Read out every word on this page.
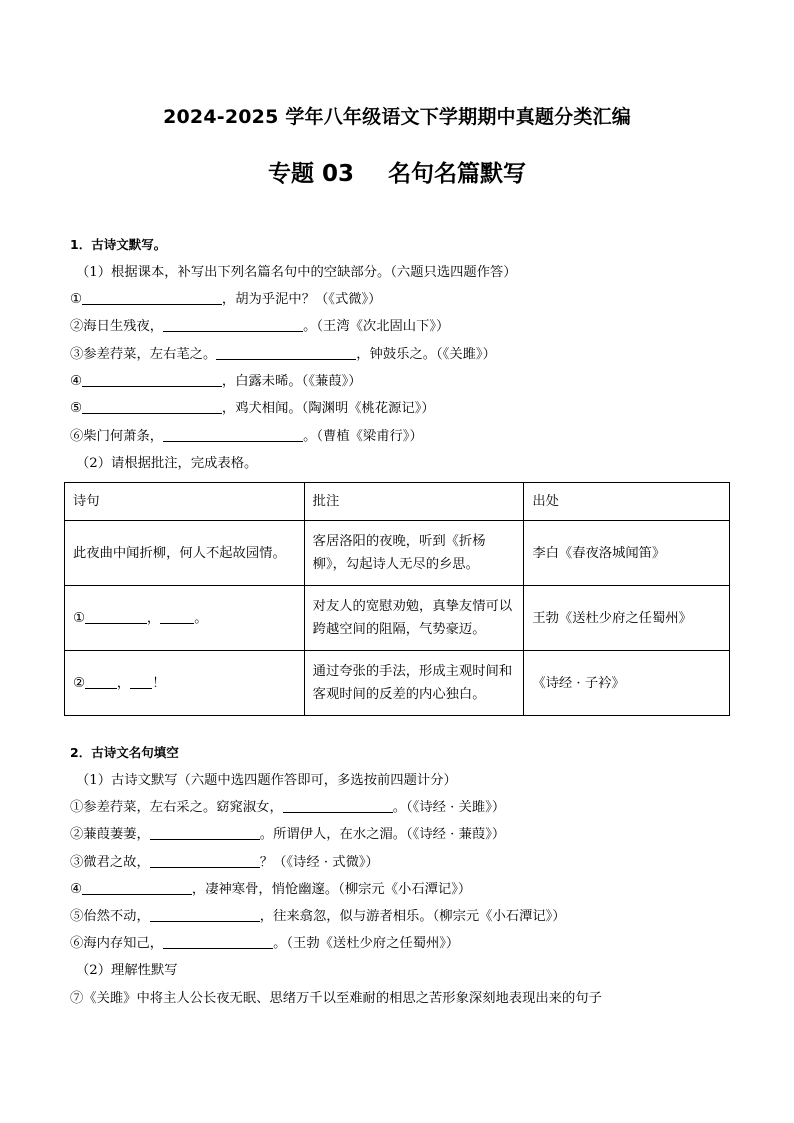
2024-2025 学年八年级语文下学期期中真题分类汇编
专题 03 名句名篇默写
1．古诗文默写。
（1）根据课本，补写出下列名篇名句中的空缺部分。（六题只选四题作答）
①	，胡为乎泥中？（《式微》）
②海日生残夜，	。（王湾《次北固山下》）
③参差荇菜，左右芼之。	，钟鼓乐之。（《关雎》）
④	，白露未晞。（《蒹葭》）
⑤	，鸡犬相闻。（陶渊明《桃花源记》）
⑥柴门何萧条，	。（曹植《梁甫行》）
（2）请根据批注，完成表格。
诗句	批注	出处
此夜曲中闻折柳，何人不起故园情。	客居洛阳的夜晚，听到《折杨柳》，勾起诗人无尽的乡思。	李白《春夜洛城闻笛》
① ， 。	对友人的宽慰劝勉，真挚友情可以跨越空间的阻隔，气势豪迈。	王勃《送杜少府之任蜀州》
② ， ！	通过夸张的手法，形成主观时间和客观时间的反差的内心独白。	《诗经 · 子衿》
2．古诗文名句填空
（1）古诗文默写（六题中选四题作答即可，多选按前四题计分）
①参差荇菜，左右采之。窈窕淑女，	。（《诗经 · 关雎》）
②蒹葭萋萋，	。所谓伊人，在水之湄。（《诗经 · 蒹葭》）
③微君之故，	？（《诗经 · 式微》）
④	，凄神寒骨，悄怆幽邃。（柳宗元《小石潭记》）
⑤佁然不动，	，往来翕忽，似与游者相乐。（柳宗元《小石潭记》）
⑥海内存知己，	。（王勃《送杜少府之任蜀州》）
（2）理解性默写
⑦《关雎》中将主人公长夜无眠、思绪万千以至难耐的相思之苦形象深刻地表现出来的句子
